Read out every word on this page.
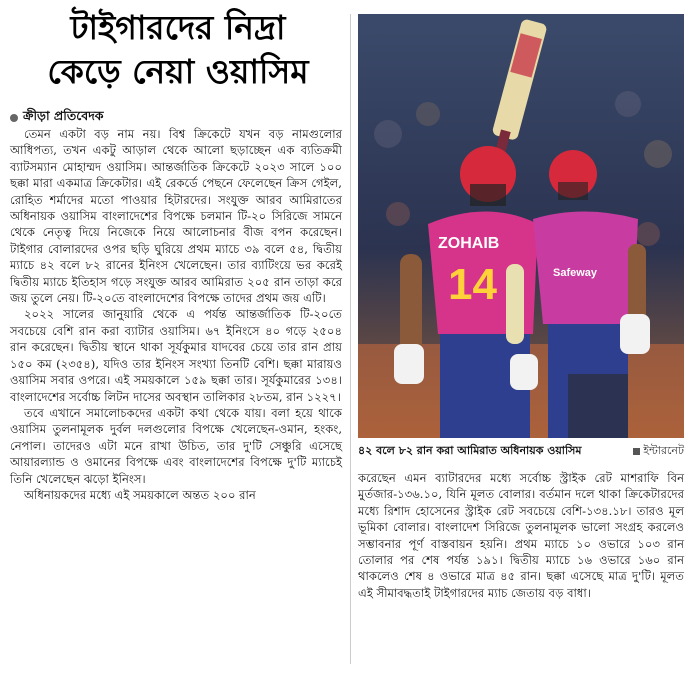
টাইগারদের নিদ্রা
কেড়ে নেয়া ওয়াসিম
ক্রীড়া প্রতিবেদক

তেমন একটা বড় নাম নয়। বিশ্ব ক্রিকেটে যখন বড় নামগুলোর আধিপত্য, তখন একটু আড়াল থেকে আলো ছড়াচ্ছেন এক ব্যতিক্রমী ব্যাটসম্যান মোহাম্মদ ওয়াসিম। আন্তর্জাতিক ক্রিকেটে ২০২৩ সালে ১০০ ছক্কা মারা একমাত্র ক্রিকেটার। এই রেকর্ডে পেছনে ফেলেছেন ক্রিস গেইল, রোহিত শর্মাদের মতো পাওয়ার হিটারদের। সংযুক্ত আরব আমিরাতের অধিনায়ক ওয়াসিম বাংলাদেশের বিপক্ষে চলমান টি-২০ সিরিজে সামনে থেকে নেতৃত্ব দিয়ে নিজেকে নিয়ে আলোচনার বীজ বপন করেছেন। টাইগার বোলারদের ওপর ছড়ি ঘুরিয়ে প্রথম ম্যাচে ৩৯ বলে ৫৪, দ্বিতীয় ম্যাচে ৪২ বলে ৮২ রানের ইনিংস খেলেছেন। তার ব্যাটিংয়ে ভর করেই দ্বিতীয় ম্যাচে ইতিহাস গড়ে সংযুক্ত আরব আমিরাত ২০৫ রান তাড়া করে জয় তুলে নেয়। টি-২০তে বাংলাদেশের বিপক্ষে তাদের প্রথম জয় এটি।

২০২২ সালের জানুয়ারি থেকে এ পর্যন্ত আন্তর্জাতিক টি-২০তে সবচেয়ে বেশি রান করা ব্যাটার ওয়াসিম। ৬৭ ইনিংসে ৪০ গড়ে ২৫০৪ রান করেছেন। দ্বিতীয় স্থানে থাকা সূর্যকুমার যাদবের চেয়ে তার রান প্রায় ১৫০ কম (২৩৫৪), যদিও তার ইনিংস সংখ্যা তিনটি বেশি। ছক্কা মারায়ও ওয়াসিম সবার ওপরে। এই সময়কালে ১৫৯ ছক্কা তার। সূর্যকুমারের ১৩৪। বাংলাদেশের সর্বোচ্চ লিটন দাসের অবস্থান তালিকার ২৮তম, রান ১২২৭।

তবে এখানে সমালোচকদের একটা কথা থেকে যায়। বলা হয়ে থাকে ওয়াসিম তুলনামূলক দুর্বল দলগুলোর বিপক্ষে খেলেছেন-ওমান, হংকং, নেপাল। তাদেরও এটা মনে রাখা উচিত, তার দু'টি সেঞ্চুরি এসেছে আয়ারল্যান্ড ও ওমানের বিপক্ষে এবং বাংলাদেশের বিপক্ষে দু'টি ম্যাচেই তিনি খেলেছেন ঝড়ো ইনিংস।

অধিনায়কদের মধ্যে এই সময়কালে অন্তত ২০০ রান

ZOHAIB
14	Safeway
৪২ বলে ৮২ রান করা আমিরাত অধিনায়ক ওয়াসিম	ইন্টারনেট

করেছেন এমন ব্যাটারদের মধ্যে সর্বোচ্চ স্ট্রাইক রেট মাশরাফি বিন মুর্তজার-১৩৬.১০, যিনি মূলত বোলার। বর্তমান দলে থাকা ক্রিকেটারদের মধ্যে রিশাদ হোসেনের স্ট্রাইক রেট সবচেয়ে বেশি-১৩৪.১৮। তারও মূল ভূমিকা বোলার। বাংলাদেশ সিরিজে তুলনামূলক ভালো সংগ্রহ করলেও সম্ভাবনার পূর্ণ বাস্তবায়ন হয়নি। প্রথম ম্যাচে ১০ ওভারে ১০৩ রান তোলার পর শেষ পর্যন্ত ১৯১। দ্বিতীয় ম্যাচে ১৬ ওভারে ১৬০ রান থাকলেও শেষ ৪ ওভারে মাত্র ৪৫ রান। ছক্কা এসেছে মাত্র দু'টি। মূলত এই সীমাবদ্ধতাই টাইগারদের ম্যাচ জেতায় বড় বাধা।
